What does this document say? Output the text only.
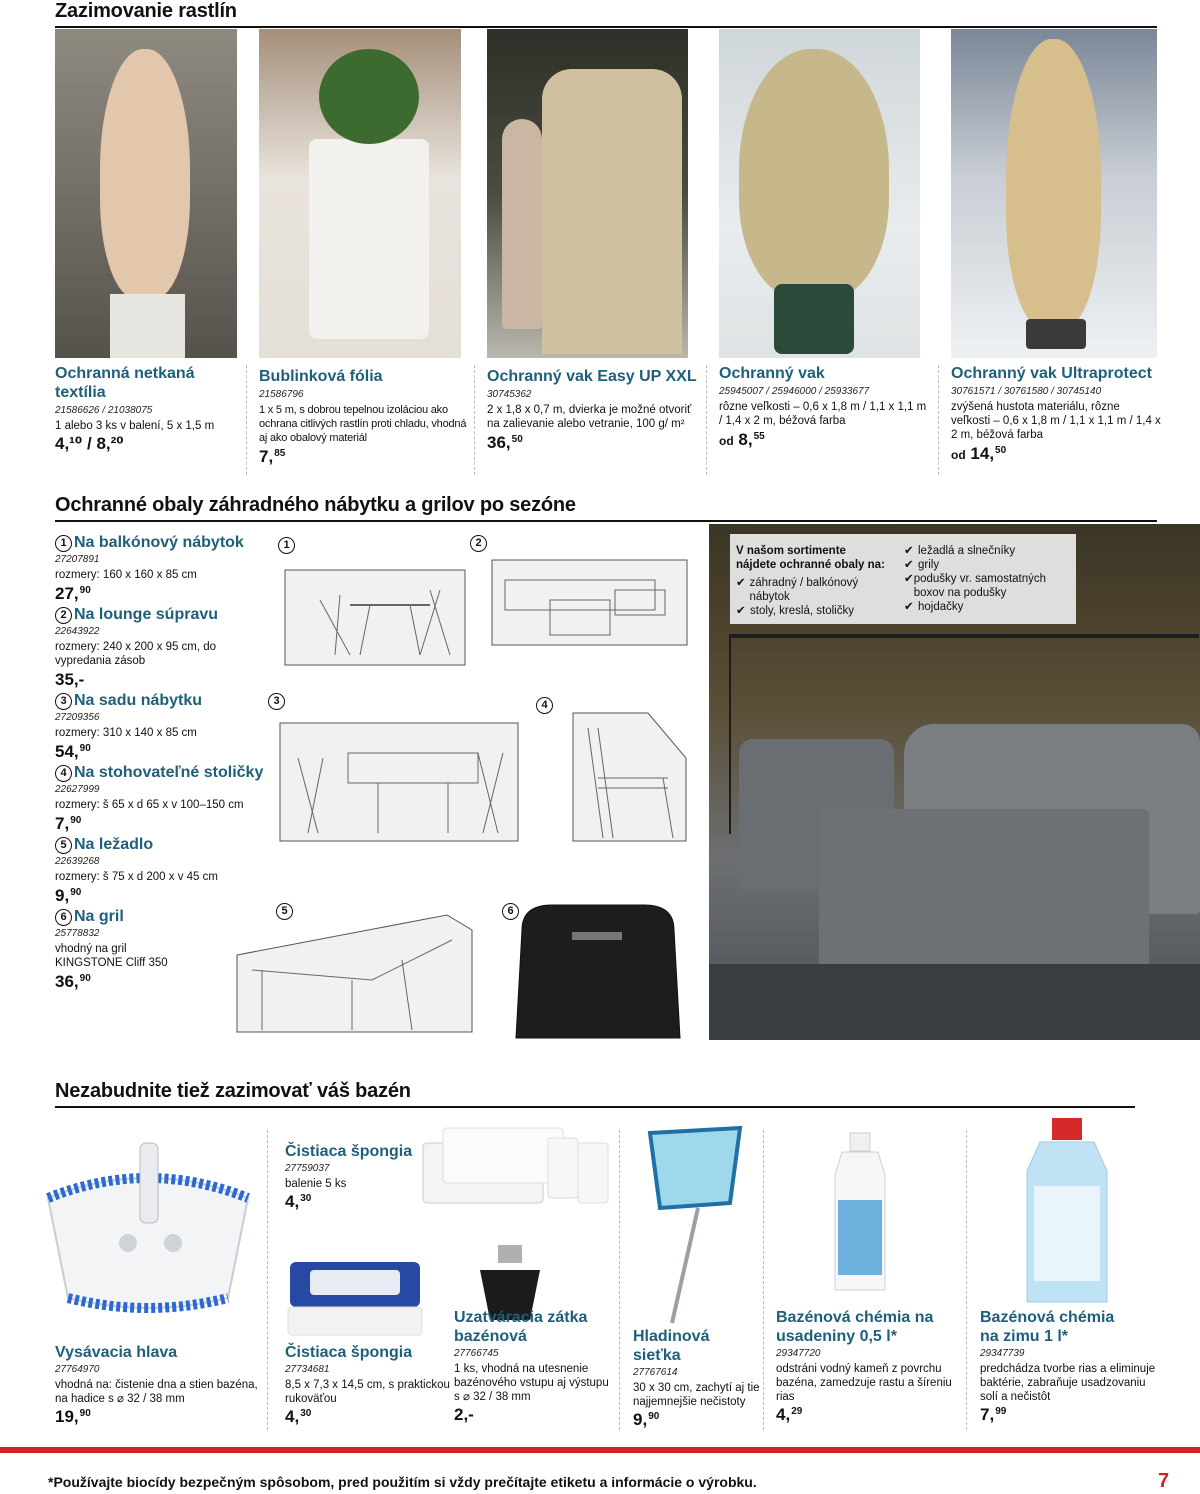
Zazimovanie rastlín
Ochranná netkaná textília
21586626 / 21038075
1 alebo 3 ks v balení, 5 x 1,5 m
4,¹⁰ / 8,²⁰
Bublinková fólia
21586796
1 x 5 m, s dobrou tepelnou izoláciou ako ochrana citlivých rastlín proti chladu, vhodná aj ako obalový materiál
7,85
Ochranný vak Easy UP XXL
30745362
2 x 1,8 x 0,7 m, dvierka je možné otvoriť na zalievanie alebo vetranie, 100 g/ m²
36,50
Ochranný vak
25945007 / 25946000 / 25933677
rôzne veľkosti – 0,6 x 1,8 m / 1,1 x 1,1 m / 1,4 x 2 m, béžová farba
od 8,55
Ochranný vak Ultraprotect
30761571 / 30761580 / 30745140
zvýšená hustota materiálu, rôzne veľkosti – 0,6 x 1,8 m / 1,1 x 1,1 m / 1,4 x 2 m, béžová farba
od 14,50
Ochranné obaly záhradného nábytku a grilov po sezóne
1 Na balkónový nábytok
27207891
rozmery: 160 x 160 x 85 cm
27,90
2 Na lounge súpravu
22643922
rozmery: 240 x 200 x 95 cm, do vypredania zásob
35,-
3 Na sadu nábytku
27209356
rozmery: 310 x 140 x 85 cm
54,90
4 Na stohovateľné stoličky
22627999
rozmery: š 65 x d 65 x v 100–150 cm
7,90
5 Na ležadlo
22639268
rozmery: š 75 x d 200 x v 45 cm
9,90
6 Na gril
25778832
vhodný na gril KINGSTONE Cliff 350
36,90
1	2
3	4
5	6
V našom sortimente nájdete ochranné obaly na:
✔ záhradný / balkónový nábytok
✔ stoly, kreslá, stoličky
✔ ležadlá a slnečníky
✔ grily
✔ podušky vr. samostatných boxov na podušky
✔ hojdačky
Nezabudnite tiež zazimovať váš bazén
Vysávacia hlava
27764970
vhodná na: čistenie dna a stien bazéna, na hadice s ⌀ 32 / 38 mm
19,90
Čistiaca špongia
27759037
balenie 5 ks
4,30
Čistiaca špongia
27734681
8,5 x 7,3 x 14,5 cm, s praktickou rukoväťou
4,30
Uzatváracia zátka bazénová
27766745
1 ks, vhodná na utesnenie bazénového vstupu aj výstupu s ⌀ 32 / 38 mm
2,-
Hladinová sieťka
27767614
30 x 30 cm, zachytí aj tie najjemnejšie nečistoty
9,90
Bazénová chémia na usadeniny 0,5 l*
29347720
odstráni vodný kameň z povrchu bazéna, zamedzuje rastu a šíreniu rias
4,29
Bazénová chémia na zimu 1 l*
29347739
predchádza tvorbe rias a eliminuje baktérie, zabraňuje usadzovaniu solí a nečistôt
7,99
*Používajte biocídy bezpečným spôsobom, pred použitím si vždy prečítajte etiketu a informácie o výrobku.	7
